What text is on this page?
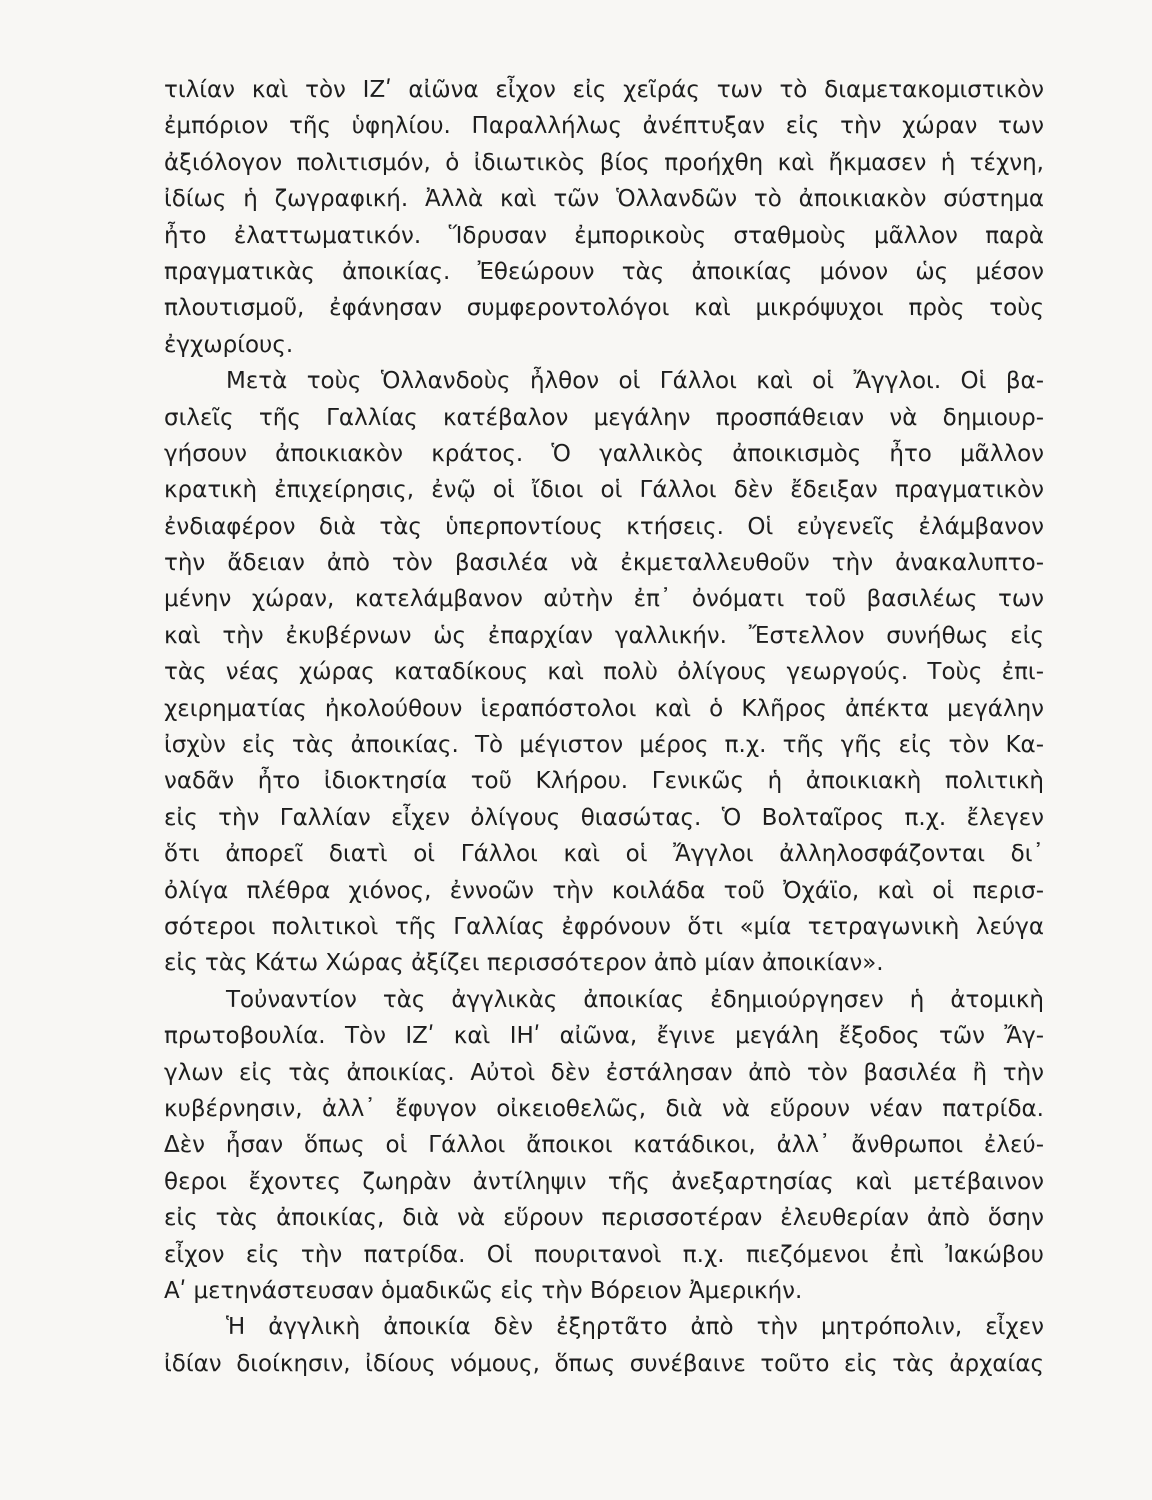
τιλίαν καὶ τὸν ΙΖʹ αἰῶνα εἶχον εἰς χεῖράς των τὸ διαμετακομιστικὸν
ἐμπόριον τῆς ὑφηλίου. Παραλλήλως ἀνέπτυξαν εἰς τὴν χώραν των
ἀξιόλογον πολιτισμόν, ὁ ἰδιωτικὸς βίος προήχθη καὶ ἤκμασεν ἡ τέχνη,
ἰδίως ἡ ζωγραφική. Ἀλλὰ καὶ τῶν Ὁλλανδῶν τὸ ἀποικιακὸν σύστημα
ἦτο ἐλαττωματικόν. Ἵδρυσαν ἐμπορικοὺς σταθμοὺς μᾶλλον παρὰ
πραγματικὰς ἀποικίας. Ἐθεώρουν τὰς ἀποικίας μόνον ὡς μέσον
πλουτισμοῦ, ἐφάνησαν συμφεροντολόγοι καὶ μικρόψυχοι πρὸς τοὺς
ἐγχωρίους.
Μετὰ τοὺς Ὁλλανδοὺς ἦλθον οἱ Γάλλοι καὶ οἱ Ἄγγλοι. Οἱ βα-
σιλεῖς τῆς Γαλλίας κατέβαλον μεγάλην προσπάθειαν νὰ δημιουρ-
γήσουν ἀποικιακὸν κράτος. Ὁ γαλλικὸς ἀποικισμὸς ἦτο μᾶλλον
κρατικὴ ἐπιχείρησις, ἐνῷ οἱ ἴδιοι οἱ Γάλλοι δὲν ἔδειξαν πραγματικὸν
ἐνδιαφέρον διὰ τὰς ὑπερποντίους κτήσεις. Οἱ εὐγενεῖς ἐλάμβανον
τὴν ἄδειαν ἀπὸ τὸν βασιλέα νὰ ἐκμεταλλευθοῦν τὴν ἀνακαλυπτο-
μένην χώραν, κατελάμβανον αὐτὴν ἐπ᾽ ὀνόματι τοῦ βασιλέως των
καὶ τὴν ἐκυβέρνων ὡς ἐπαρχίαν γαλλικήν. Ἔστελλον συνήθως εἰς
τὰς νέας χώρας καταδίκους καὶ πολὺ ὀλίγους γεωργούς. Τοὺς ἐπι-
χειρηματίας ἠκολούθουν ἱεραπόστολοι καὶ ὁ Κλῆρος ἀπέκτα μεγάλην
ἰσχὺν εἰς τὰς ἀποικίας. Τὸ μέγιστον μέρος π.χ. τῆς γῆς εἰς τὸν Κα-
ναδᾶν ἦτο ἰδιοκτησία τοῦ Κλήρου. Γενικῶς ἡ ἀποικιακὴ πολιτικὴ
εἰς τὴν Γαλλίαν εἶχεν ὀλίγους θιασώτας. Ὁ Βολταῖρος π.χ. ἔλεγεν
ὅτι ἀπορεῖ διατὶ οἱ Γάλλοι καὶ οἱ Ἄγγλοι ἀλληλοσφάζονται δι᾽
ὀλίγα πλέθρα χιόνος, ἐννοῶν τὴν κοιλάδα τοῦ Ὀχάϊο, καὶ οἱ περισ-
σότεροι πολιτικοὶ τῆς Γαλλίας ἐφρόνουν ὅτι «μία τετραγωνικὴ λεύγα
εἰς τὰς Κάτω Χώρας ἀξίζει περισσότερον ἀπὸ μίαν ἀποικίαν».
Τοὐναντίον τὰς ἀγγλικὰς ἀποικίας ἐδημιούργησεν ἡ ἀτομικὴ
πρωτοβουλία. Τὸν ΙΖʹ καὶ ΙΗʹ αἰῶνα, ἔγινε μεγάλη ἔξοδος τῶν Ἄγ-
γλων εἰς τὰς ἀποικίας. Αὐτοὶ δὲν ἐστάλησαν ἀπὸ τὸν βασιλέα ἢ τὴν
κυβέρνησιν, ἀλλ᾽ ἔφυγον οἰκειοθελῶς, διὰ νὰ εὕρουν νέαν πατρίδα.
Δὲν ἦσαν ὅπως οἱ Γάλλοι ἄποικοι κατάδικοι, ἀλλ᾽ ἄνθρωποι ἐλεύ-
θεροι ἔχοντες ζωηρὰν ἀντίληψιν τῆς ἀνεξαρτησίας καὶ μετέβαινον
εἰς τὰς ἀποικίας, διὰ νὰ εὕρουν περισσοτέραν ἐλευθερίαν ἀπὸ ὅσην
εἶχον εἰς τὴν πατρίδα. Οἱ πουριτανοὶ π.χ. πιεζόμενοι ἐπὶ Ἰακώβου
Αʹ μετηνάστευσαν ὁμαδικῶς εἰς τὴν Βόρειον Ἀμερικήν.
Ἡ ἀγγλικὴ ἀποικία δὲν ἐξηρτᾶτο ἀπὸ τὴν μητρόπολιν, εἶχεν
ἰδίαν διοίκησιν, ἰδίους νόμους, ὅπως συνέβαινε τοῦτο εἰς τὰς ἀρχαίας
